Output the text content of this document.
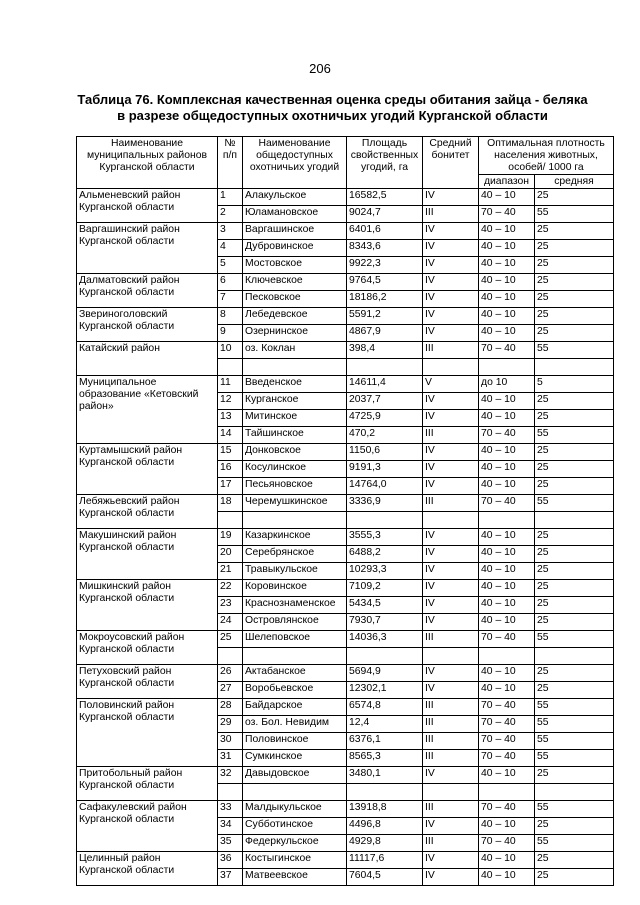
206
Таблица 76. Комплексная качественная оценка среды обитания зайца - беляка
в разрезе общедоступных охотничьих угодий Курганской области
Наименование муниципальных районов Курганской области	№ п/п	Наименование общедоступных охотничьих угодий	Площадь свойственных угодий, га	Средний бонитет	Оптимальная плотность населения животных, особей/ 1000 га	
					диапазон	средняя
Альменевский район Курганской области	1	Алакульское	16582,5	IV	40 – 10	25
	2	Юламановское	9024,7	III	70 – 40	55
Варгашинский район Курганской области	3	Варгашинское	6401,6	IV	40 – 10	25
	4	Дубровинское	8343,6	IV	40 – 10	25
	5	Мостовское	9922,3	IV	40 – 10	25
Далматовский район Курганской области	6	Ключевское	9764,5	IV	40 – 10	25
	7	Песковское	18186,2	IV	40 – 10	25
Звериноголовский Курганской области	8	Лебедевское	5591,2	IV	40 – 10	25
	9	Озернинское	4867,9	IV	40 – 10	25
Катайский район	10	оз. Коклан	398,4	III	70 – 40	55

Муниципальное образование «Кетовский район»	11	Введенское	14611,4	V	до 10	5
	12	Курганское	2037,7	IV	40 – 10	25
	13	Митинское	4725,9	IV	40 – 10	25
	14	Тайшинское	470,2	III	70 – 40	55
Куртамышский район Курганской области	15	Донковское	1150,6	IV	40 – 10	25
	16	Косулинское	9191,3	IV	40 – 10	25
	17	Песьяновское	14764,0	IV	40 – 10	25
Лебяжьевский район Курганской области	18	Черемушкинское	3336,9	III	70 – 40	55

Макушинский район Курганской области	19	Казаркинское	3555,3	IV	40 – 10	25
	20	Серебрянское	6488,2	IV	40 – 10	25
	21	Травыкульское	10293,3	IV	40 – 10	25
Мишкинский район Курганской области	22	Коровинское	7109,2	IV	40 – 10	25
	23	Краснознаменское	5434,5	IV	40 – 10	25
	24	Островлянское	7930,7	IV	40 – 10	25
Мокроусовский район Курганской области	25	Шелеповское	14036,3	III	70 – 40	55

Петуховский район Курганской области	26	Актабанское	5694,9	IV	40 – 10	25
	27	Воробьевское	12302,1	IV	40 – 10	25
Половинский район Курганской области	28	Байдарское	6574,8	III	70 – 40	55
	29	оз. Бол. Невидим	12,4	III	70 – 40	55
	30	Половинское	6376,1	III	70 – 40	55
	31	Сумкинское	8565,3	III	70 – 40	55
Притобольный район Курганской области	32	Давыдовское	3480,1	IV	40 – 10	25

Сафакулевский район Курганской области	33	Малдыкульское	13918,8	III	70 – 40	55
	34	Субботинское	4496,8	IV	40 – 10	25
	35	Федеркульское	4929,8	III	70 – 40	55
Целинный район Курганской области	36	Костыгинское	11117,6	IV	40 – 10	25
	37	Матвеевское	7604,5	IV	40 – 10	25
